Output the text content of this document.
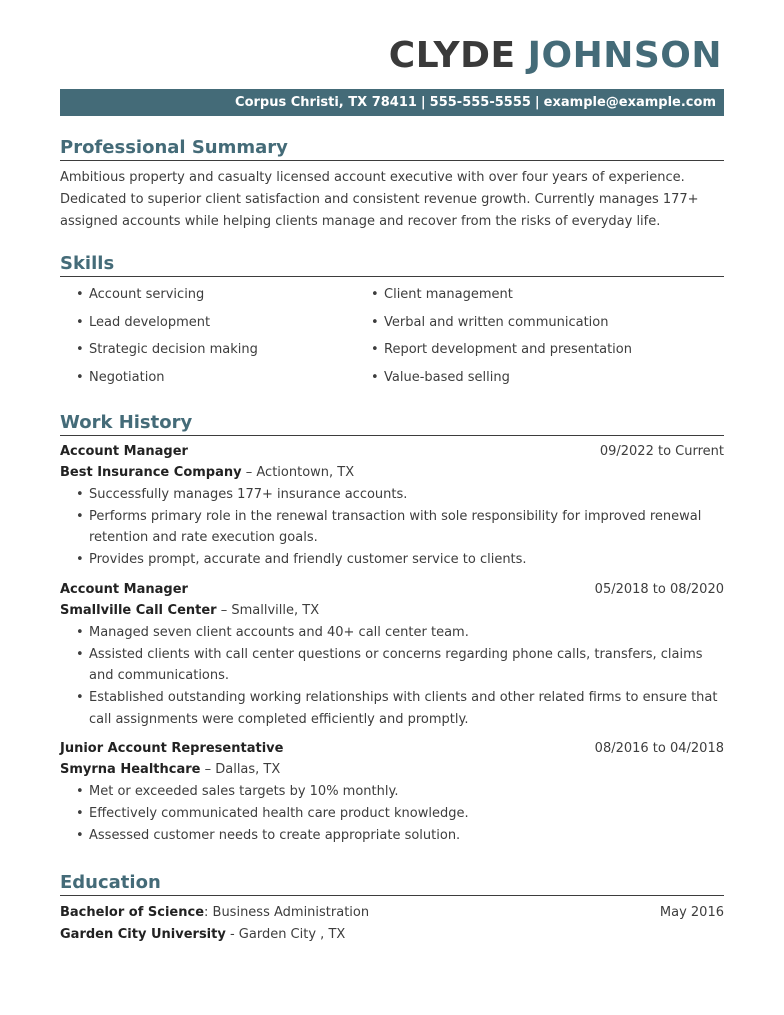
CLYDE JOHNSON
Corpus Christi, TX 78411 | 555-555-5555 | example@example.com
Professional Summary
Ambitious property and casualty licensed account executive with over four years of experience. Dedicated to superior client satisfaction and consistent revenue growth. Currently manages 177+ assigned accounts while helping clients manage and recover from the risks of everyday life.
Skills
• Account servicing
• Lead development
• Strategic decision making
• Negotiation
• Client management
• Verbal and written communication
• Report development and presentation
• Value-based selling
Work History
Account Manager	09/2022 to Current
Best Insurance Company – Actiontown, TX
• Successfully manages 177+ insurance accounts.
• Performs primary role in the renewal transaction with sole responsibility for improved renewal retention and rate execution goals.
• Provides prompt, accurate and friendly customer service to clients.
Account Manager	05/2018 to 08/2020
Smallville Call Center – Smallville, TX
• Managed seven client accounts and 40+ call center team.
• Assisted clients with call center questions or concerns regarding phone calls, transfers, claims and communications.
• Established outstanding working relationships with clients and other related firms to ensure that call assignments were completed efficiently and promptly.
Junior Account Representative	08/2016 to 04/2018
Smyrna Healthcare – Dallas, TX
• Met or exceeded sales targets by 10% monthly.
• Effectively communicated health care product knowledge.
• Assessed customer needs to create appropriate solution.
Education
Bachelor of Science: Business Administration	May 2016
Garden City University - Garden City , TX
